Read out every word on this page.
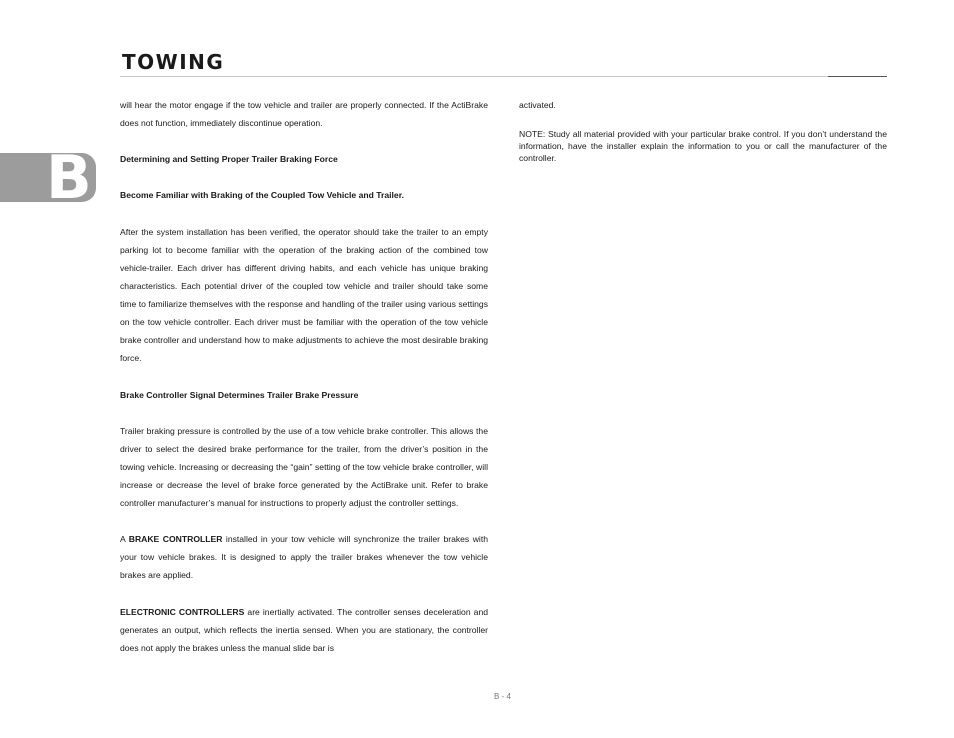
TOWING
B

will hear the motor engage if the tow vehicle and trailer are properly connected. If the ActiBrake does not function, immediately discontinue operation.

Determining and Setting Proper Trailer Braking Force

Become Familiar with Braking of the Coupled Tow Vehicle and Trailer.

After the system installation has been verified, the operator should take the trailer to an empty parking lot to become familiar with the operation of the braking action of the combined tow vehicle-trailer. Each driver has different driving habits, and each vehicle has unique braking characteristics. Each potential driver of the coupled tow vehicle and trailer should take some time to familiarize themselves with the response and handling of the trailer using various settings on the tow vehicle controller. Each driver must be familiar with the operation of the tow vehicle brake controller and understand how to make adjustments to achieve the most desirable braking force.

Brake Controller Signal Determines Trailer Brake Pressure

Trailer braking pressure is controlled by the use of a tow vehicle brake controller. This allows the driver to select the desired brake performance for the trailer, from the driver’s position in the towing vehicle. Increasing or decreasing the “gain” setting of the tow vehicle brake controller, will increase or decrease the level of brake force generated by the ActiBrake unit. Refer to brake controller manufacturer’s manual for instructions to properly adjust the controller settings.

A BRAKE CONTROLLER installed in your tow vehicle will synchronize the trailer brakes with your tow vehicle brakes. It is designed to apply the trailer brakes whenever the tow vehicle brakes are applied.

ELECTRONIC CONTROLLERS are inertially activated. The controller senses deceleration and generates an output, which reflects the inertia sensed. When you are stationary, the controller does not apply the brakes unless the manual slide bar is

activated.

NOTE: Study all material provided with your particular brake control. If you don’t understand the information, have the installer explain the information to you or call the manufacturer of the controller.

B - 4
